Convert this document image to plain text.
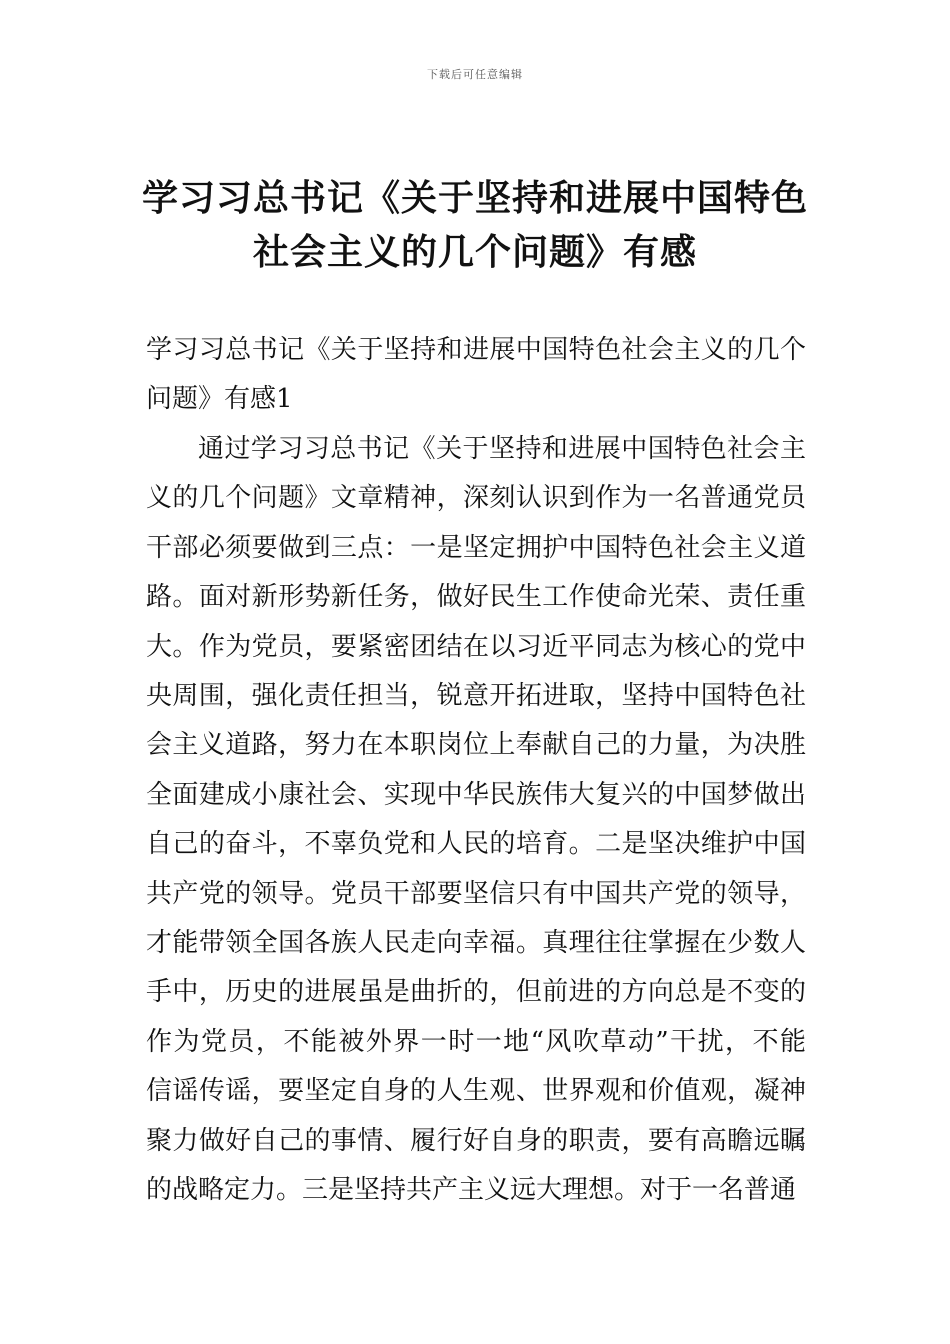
下载后可任意编辑
学习习总书记《关于坚持和进展中国特色
社会主义的几个问题》有感
学习习总书记《关于坚持和进展中国特色社会主义的几个
问题》有感1
通过学习习总书记《关于坚持和进展中国特色社会主
义的几个问题》文章精神，深刻认识到作为一名普通党员
干部必须要做到三点：一是坚定拥护中国特色社会主义道
路。面对新形势新任务，做好民生工作使命光荣、责任重
大。作为党员，要紧密团结在以习近平同志为核心的党中
央周围，强化责任担当，锐意开拓进取，坚持中国特色社
会主义道路，努力在本职岗位上奉献自己的力量，为决胜
全面建成小康社会、实现中华民族伟大复兴的中国梦做出
自己的奋斗，不辜负党和人民的培育。二是坚决维护中国
共产党的领导。党员干部要坚信只有中国共产党的领导，
才能带领全国各族人民走向幸福。真理往往掌握在少数人
手中，历史的进展虽是曲折的，但前进的方向总是不变的
作为党员，不能被外界一时一地“风吹草动”干扰，不能
信谣传谣，要坚定自身的人生观、世界观和价值观，凝神
聚力做好自己的事情、履行好自身的职责，要有高瞻远瞩
的战略定力。三是坚持共产主义远大理想。对于一名普通
